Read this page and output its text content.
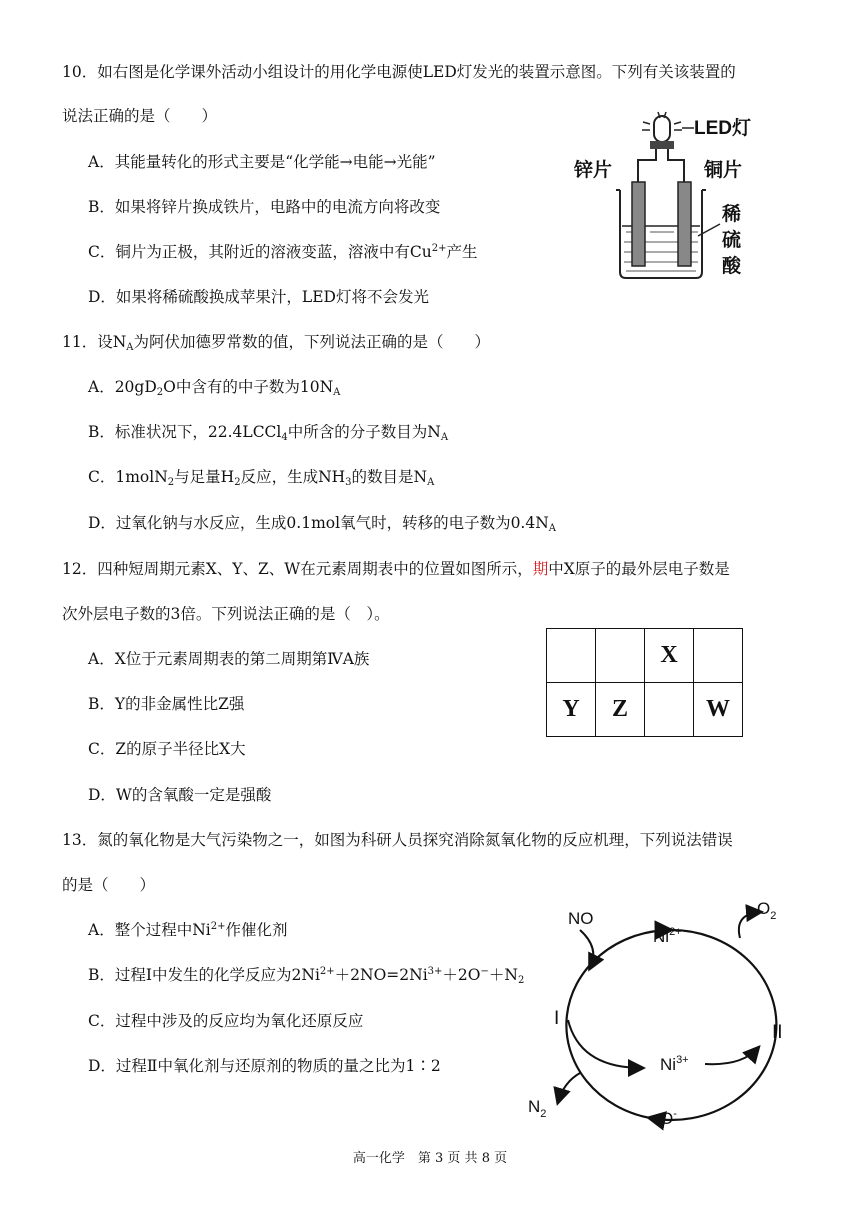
10．如右图是化学课外活动小组设计的用化学电源使LED灯发光的装置示意图。下列有关该装置的
说法正确的是（　　）
A．其能量转化的形式主要是“化学能→电能→光能”
B．如果将锌片换成铁片，电路中的电流方向将改变
C．铜片为正极，其附近的溶液变蓝，溶液中有$Cu^{2+}$产生
D．如果将稀硫酸换成苹果汁，LED灯将不会发光
LED灯
锌片	铜片
稀
硫
酸
11．设$N_A$为阿伏加德罗常数的值，下列说法正确的是（　　）
A．$20gD_2O$中含有的中子数为$10N_A$
B．标准状况下，22.4LCCl$_4$中所含的分子数目为$N_A$
C．1molN$_2$与足量$H_2$反应，生成$NH_3$的数目是$N_A$
D．过氧化钠与水反应，生成0.1mol氧气时，转移的电子数为$0.4N_A$
12．四种短周期元素X、Y、Z、W在元素周期表中的位置如图所示，期中X原子的最外层电子数是
次外层电子数的3倍。下列说法正确的是（　）。
A．X位于元素周期表的第二周期第ⅣA族
B．Y的非金属性比Z强
C．Z的原子半径比X大
D．W的含氧酸一定是强酸
		X	
Y	Z		W
13．氮的氧化物是大气污染物之一，如图为科研人员探究消除氮氧化物的反应机理，下列说法错误
的是（　　）
A．整个过程中$Ni^{2+}$作催化剂
B．过程Ⅰ中发生的化学反应为$2Ni^{2+}+2NO=2Ni^{3+}+2O^-+N_2$
C．过程中涉及的反应均为氧化还原反应
D．过程Ⅱ中氧化剂与还原剂的物质的量之比为1∶2
NO
$Ni^{2+}$
$O_2$
I
II
$Ni^{3+}$
$N_2$	O-
高一化学　第 3 页 共 8 页
